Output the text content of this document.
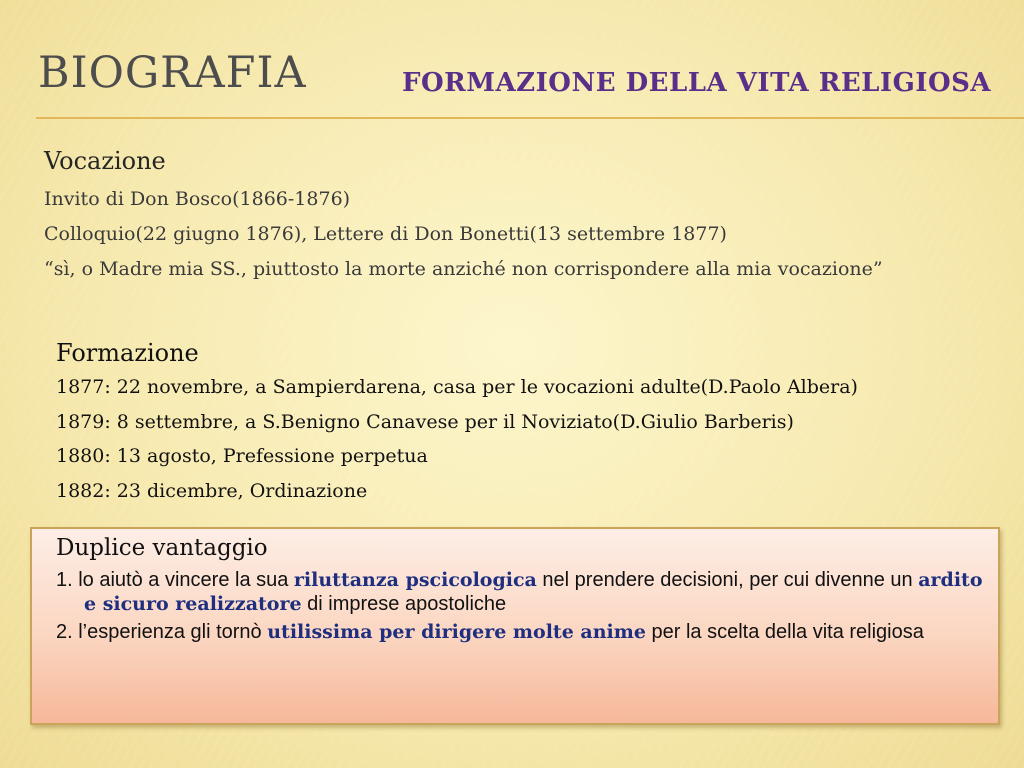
BIOGRAFIA	FORMAZIONE DELLA VITA RELIGIOSA
Vocazione
Invito di Don Bosco(1866-1876)
Colloquio(22 giugno 1876), Lettere di Don Bonetti(13 settembre 1877)
“sì, o Madre mia SS., piuttosto la morte anziché non corrispondere alla mia vocazione”
Formazione
1877: 22 novembre, a Sampierdarena, casa per le vocazioni adulte(D.Paolo Albera)
1879: 8 settembre, a S.Benigno Canavese per il Noviziato(D.Giulio Barberis)
1880: 13 agosto, Prefessione perpetua
1882: 23 dicembre, Ordinazione
Duplice vantaggio
1. lo aiutò a vincere la sua riluttanza pscicologica nel prendere decisioni, per cui divenne un ardito e sicuro realizzatore di imprese apostoliche
2. l’esperienza gli tornò utilissima per dirigere molte anime per la scelta della vita religiosa
